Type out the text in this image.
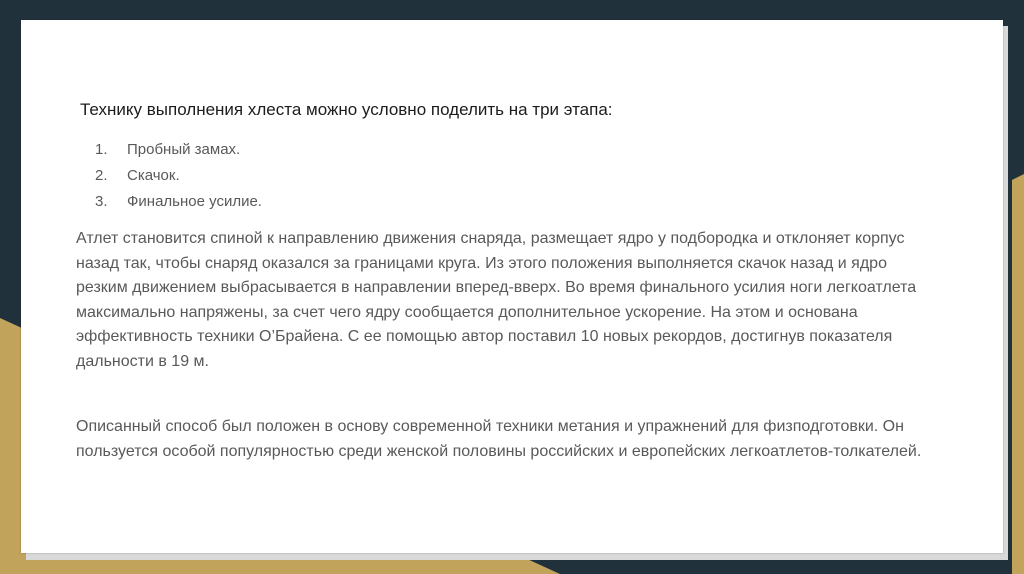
Технику выполнения хлеста можно условно поделить на три этапа:
1. Пробный замах.
2. Скачок.
3. Финальное усилие.

Атлет становится спиной к направлению движения снаряда, размещает ядро у подбородка и отклоняет корпус назад так, чтобы снаряд оказался за границами круга. Из этого положения выполняется скачок назад и ядро резким движением выбрасывается в направлении вперед-вверх. Во время финального усилия ноги легкоатлета максимально напряжены, за счет чего ядру сообщается дополнительное ускорение. На этом и основана эффективность техники О’Брайена. С ее помощью автор поставил 10 новых рекордов, достигнув показателя дальности в 19 м.

Описанный способ был положен в основу современной техники метания и упражнений для физподготовки. Он пользуется особой популярностью среди женской половины российских и европейских легкоатлетов-толкателей.
